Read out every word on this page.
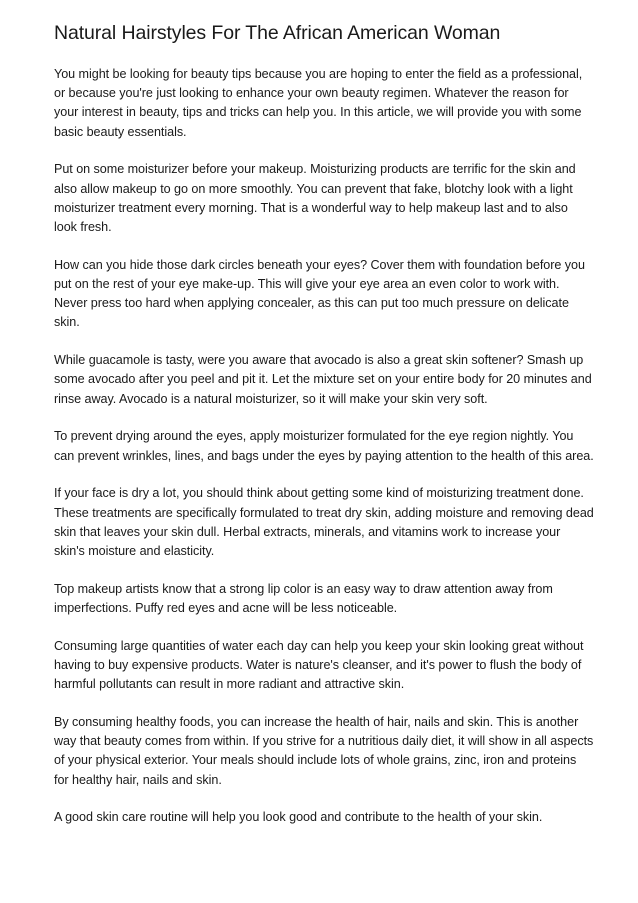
Natural Hairstyles For The African American Woman

You might be looking for beauty tips because you are hoping to enter the field as a professional, or because you're just looking to enhance your own beauty regimen. Whatever the reason for your interest in beauty, tips and tricks can help you. In this article, we will provide you with some basic beauty essentials.

Put on some moisturizer before your makeup. Moisturizing products are terrific for the skin and also allow makeup to go on more smoothly. You can prevent that fake, blotchy look with a light moisturizer treatment every morning. That is a wonderful way to help makeup last and to also look fresh.

How can you hide those dark circles beneath your eyes? Cover them with foundation before you put on the rest of your eye make-up. This will give your eye area an even color to work with. Never press too hard when applying concealer, as this can put too much pressure on delicate skin.

While guacamole is tasty, were you aware that avocado is also a great skin softener? Smash up some avocado after you peel and pit it. Let the mixture set on your entire body for 20 minutes and rinse away. Avocado is a natural moisturizer, so it will make your skin very soft.

To prevent drying around the eyes, apply moisturizer formulated for the eye region nightly. You can prevent wrinkles, lines, and bags under the eyes by paying attention to the health of this area.

If your face is dry a lot, you should think about getting some kind of moisturizing treatment done. These treatments are specifically formulated to treat dry skin, adding moisture and removing dead skin that leaves your skin dull. Herbal extracts, minerals, and vitamins work to increase your skin's moisture and elasticity.

Top makeup artists know that a strong lip color is an easy way to draw attention away from imperfections. Puffy red eyes and acne will be less noticeable.

Consuming large quantities of water each day can help you keep your skin looking great without having to buy expensive products. Water is nature's cleanser, and it's power to flush the body of harmful pollutants can result in more radiant and attractive skin.

By consuming healthy foods, you can increase the health of hair, nails and skin. This is another way that beauty comes from within. If you strive for a nutritious daily diet, it will show in all aspects of your physical exterior. Your meals should include lots of whole grains, zinc, iron and proteins for healthy hair, nails and skin.

A good skin care routine will help you look good and contribute to the health of your skin.
